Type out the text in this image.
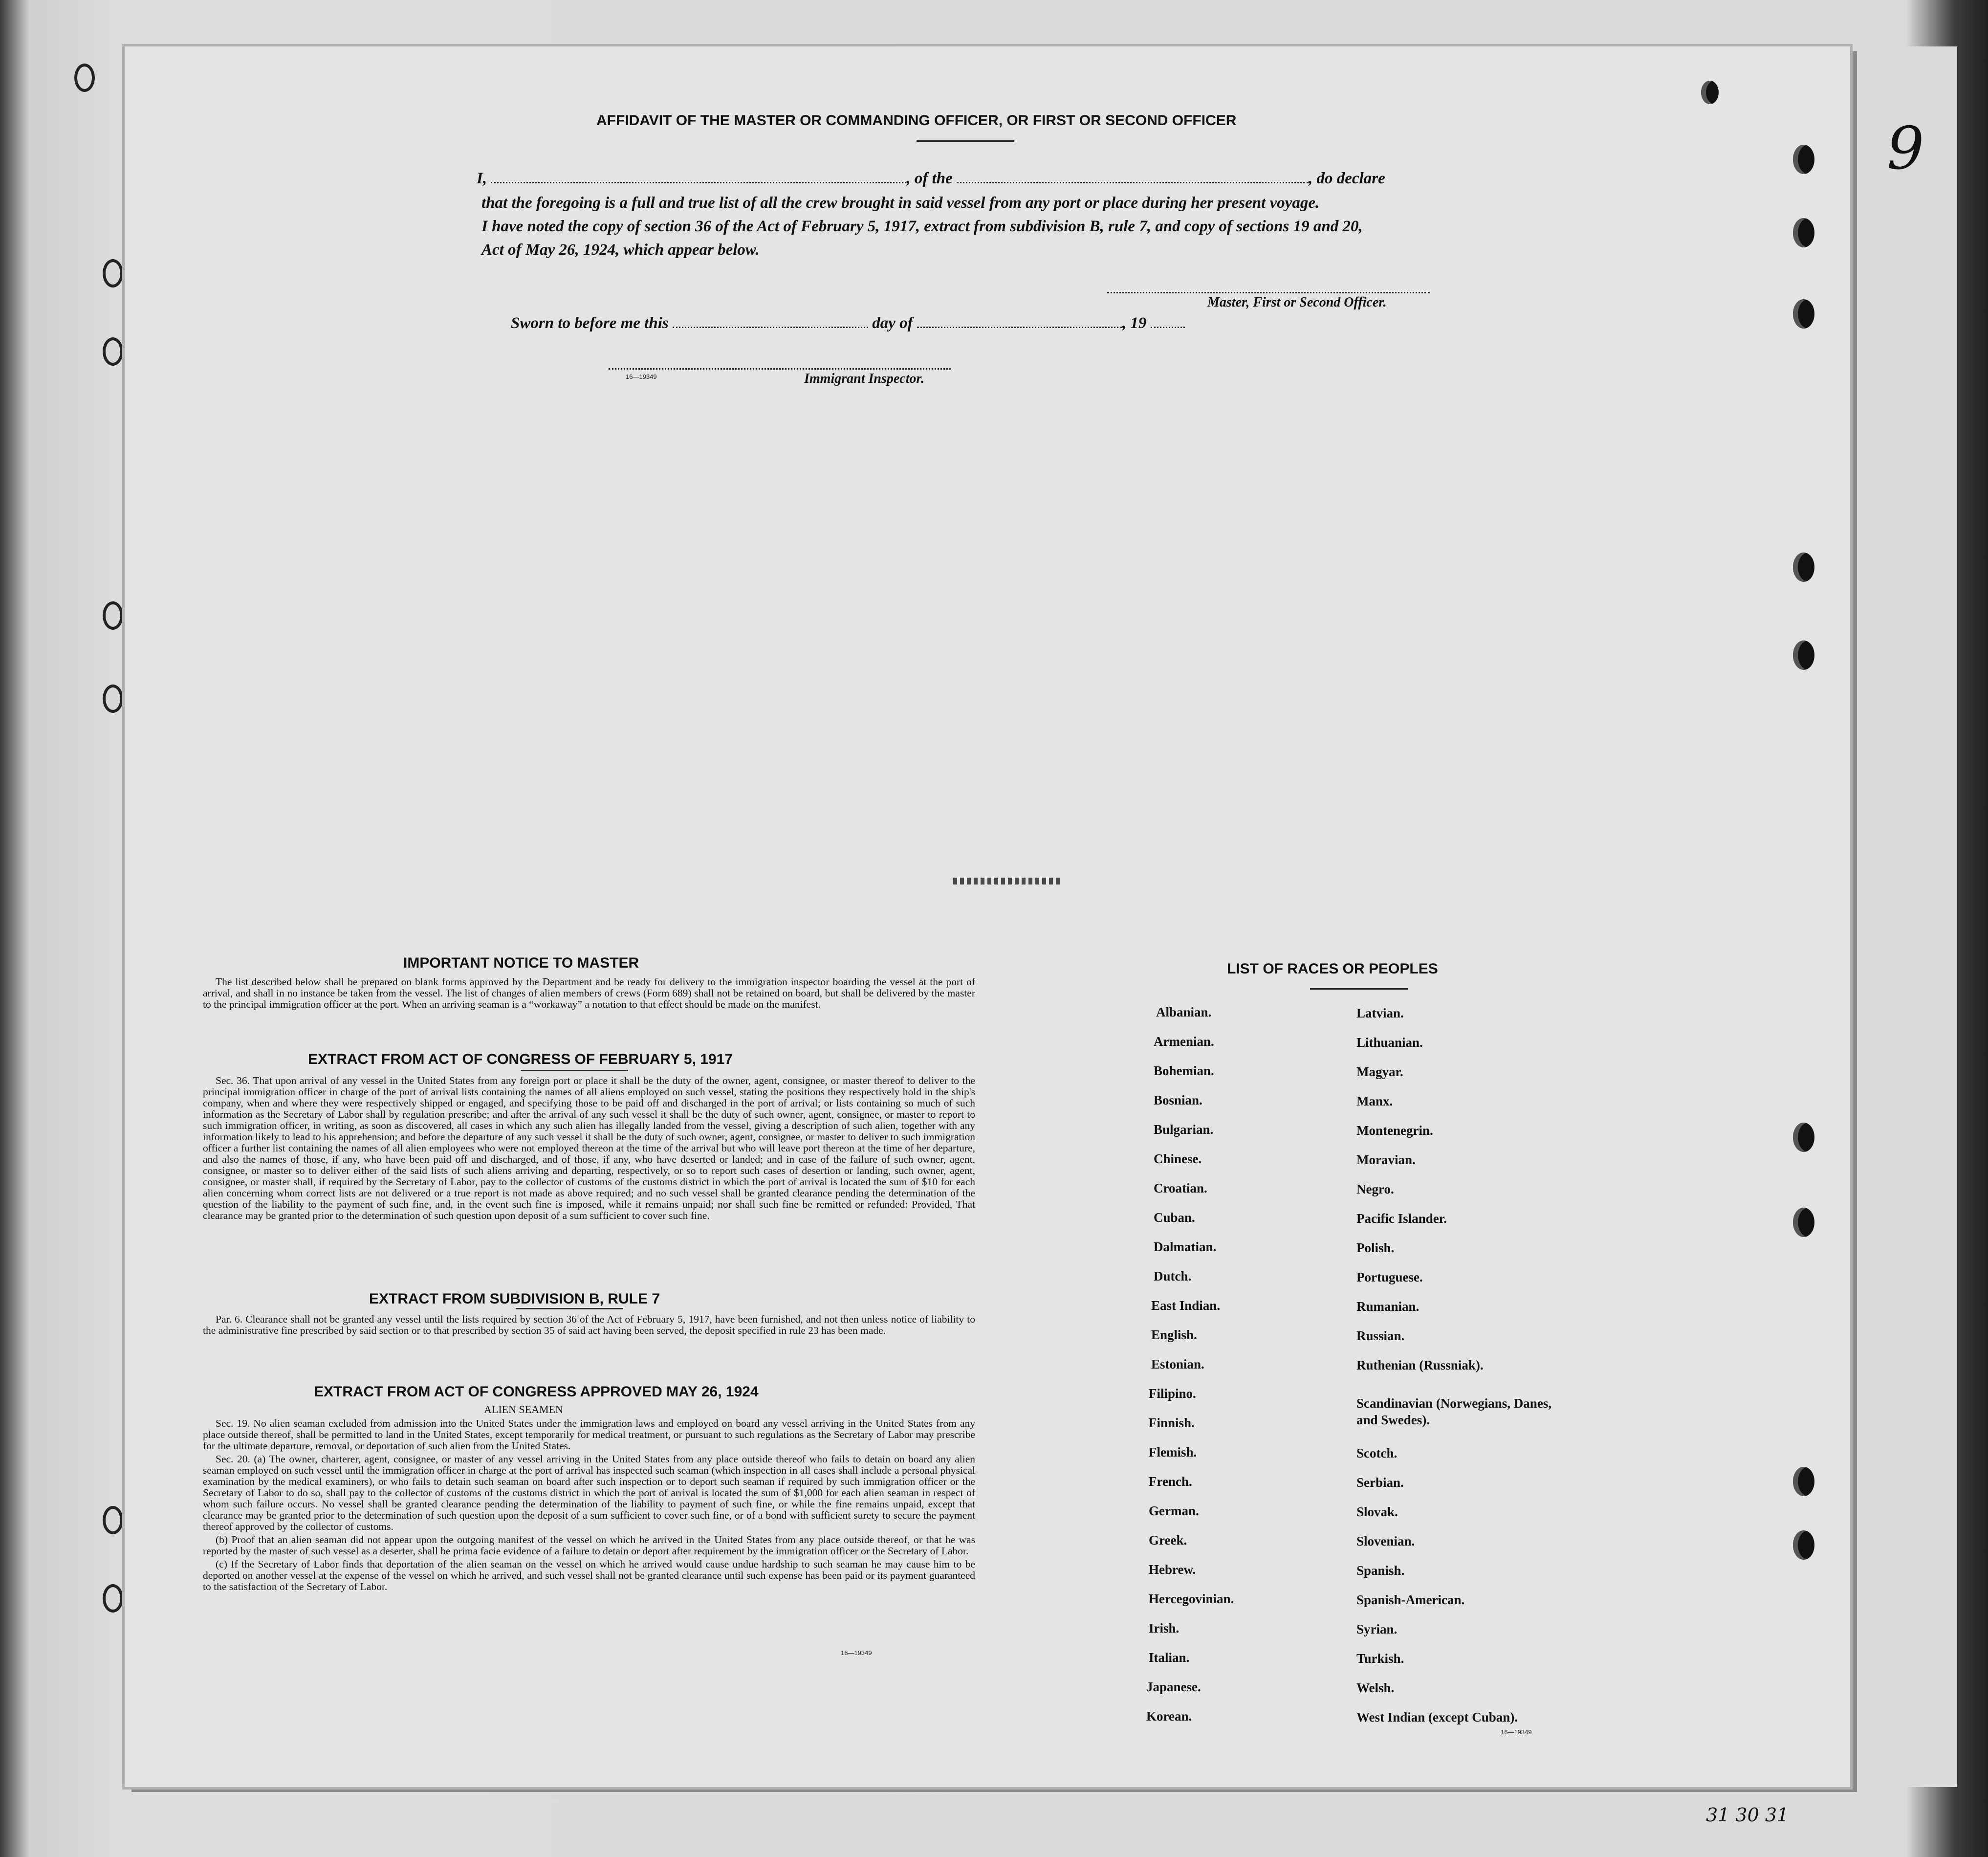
AFFIDAVIT OF THE MASTER OR COMMANDING OFFICER, OR FIRST OR SECOND OFFICER
I,	, of the	, do declare
that the foregoing is a full and true list of all the crew brought in said vessel from any port or place during her present voyage.
I have noted the copy of section 36 of the Act of February 5, 1917, extract from subdivision B, rule 7, and copy of sections 19 and 20,
Act of May 26, 1924, which appear below.
Master, First or Second Officer.
Sworn to before me this	day of	, 19
16—19349	Immigrant Inspector.
IMPORTANT NOTICE TO MASTER

The list described below shall be prepared on blank forms approved by the Department and be ready for delivery to the immigration inspector boarding the vessel at the port of arrival, and shall in no instance be taken from the vessel. The list of changes of alien members of crews (Form 689) shall not be retained on board, but shall be delivered by the master to the principal immigration officer at the port. When an arriving seaman is a “workaway” a notation to that effect should be made on the manifest.

EXTRACT FROM ACT OF CONGRESS OF FEBRUARY 5, 1917

Sec. 36. That upon arrival of any vessel in the United States from any foreign port or place it shall be the duty of the owner, agent, consignee, or master thereof to deliver to the principal immigration officer in charge of the port of arrival lists containing the names of all aliens employed on such vessel, stating the positions they respectively hold in the ship's company, when and where they were respectively shipped or engaged, and specifying those to be paid off and discharged in the port of arrival; or lists containing so much of such information as the Secretary of Labor shall by regulation prescribe; and after the arrival of any such vessel it shall be the duty of such owner, agent, consignee, or master to report to such immigration officer, in writing, as soon as discovered, all cases in which any such alien has illegally landed from the vessel, giving a description of such alien, together with any information likely to lead to his apprehension; and before the departure of any such vessel it shall be the duty of such owner, agent, consignee, or master to deliver to such immigration officer a further list containing the names of all alien employees who were not employed thereon at the time of the arrival but who will leave port thereon at the time of her departure, and also the names of those, if any, who have been paid off and discharged, and of those, if any, who have deserted or landed; and in case of the failure of such owner, agent, consignee, or master so to deliver either of the said lists of such aliens arriving and departing, respectively, or so to report such cases of desertion or landing, such owner, agent, consignee, or master shall, if required by the Secretary of Labor, pay to the collector of customs of the customs district in which the port of arrival is located the sum of $10 for each alien concerning whom correct lists are not delivered or a true report is not made as above required; and no such vessel shall be granted clearance pending the determination of the question of the liability to the payment of such fine, and, in the event such fine is imposed, while it remains unpaid; nor shall such fine be remitted or refunded: Provided, That clearance may be granted prior to the determination of such question upon deposit of a sum sufficient to cover such fine.

EXTRACT FROM SUBDIVISION B, RULE 7

Par. 6. Clearance shall not be granted any vessel until the lists required by section 36 of the Act of February 5, 1917, have been furnished, and not then unless notice of liability to the administrative fine prescribed by said section or to that prescribed by section 35 of said act having been served, the deposit specified in rule 23 has been made.

EXTRACT FROM ACT OF CONGRESS APPROVED MAY 26, 1924
ALIEN SEAMEN

Sec. 19. No alien seaman excluded from admission into the United States under the immigration laws and employed on board any vessel arriving in the United States from any place outside thereof, shall be permitted to land in the United States, except temporarily for medical treatment, or pursuant to such regulations as the Secretary of Labor may prescribe for the ultimate departure, removal, or deportation of such alien from the United States.

Sec. 20. (a) The owner, charterer, agent, consignee, or master of any vessel arriving in the United States from any place outside thereof who fails to detain on board any alien seaman employed on such vessel until the immigration officer in charge at the port of arrival has inspected such seaman (which inspection in all cases shall include a personal physical examination by the medical examiners), or who fails to detain such seaman on board after such inspection or to deport such seaman if required by such immigration officer or the Secretary of Labor to do so, shall pay to the collector of customs of the customs district in which the port of arrival is located the sum of $1,000 for each alien seaman in respect of whom such failure occurs. No vessel shall be granted clearance pending the determination of the liability to payment of such fine, or while the fine remains unpaid, except that clearance may be granted prior to the determination of such question upon the deposit of a sum sufficient to cover such fine, or of a bond with sufficient surety to secure the payment thereof approved by the collector of customs.

(b) Proof that an alien seaman did not appear upon the outgoing manifest of the vessel on which he arrived in the United States from any place outside thereof, or that he was reported by the master of such vessel as a deserter, shall be prima facie evidence of a failure to detain or deport after requirement by the immigration officer or the Secretary of Labor.

(c) If the Secretary of Labor finds that deportation of the alien seaman on the vessel on which he arrived would cause undue hardship to such seaman he may cause him to be deported on another vessel at the expense of the vessel on which he arrived, and such vessel shall not be granted clearance until such expense has been paid or its payment guaranteed to the satisfaction of the Secretary of Labor.

16—19349
LIST OF RACES OR PEOPLES
Albanian.
Armenian.
Bohemian.
Bosnian.
Bulgarian.
Chinese.
Croatian.
Cuban.
Dalmatian.
Dutch.
East Indian.
English.
Estonian.
Filipino.
Finnish.
Flemish.
French.
German.
Greek.
Hebrew.
Hercegovinian.
Irish.
Italian.
Japanese.
Korean.
Latvian.
Lithuanian.
Magyar.
Manx.
Montenegrin.
Moravian.
Negro.
Pacific Islander.
Polish.
Portuguese.
Rumanian.
Russian.
Ruthenian (Russniak).
Scandinavian (Norwegians, Danes, and Swedes).
Scotch.
Serbian.
Slovak.
Slovenian.
Spanish.
Spanish-American.
Syrian.
Turkish.
Welsh.
West Indian (except Cuban).
16—19349
9
31 30 31
